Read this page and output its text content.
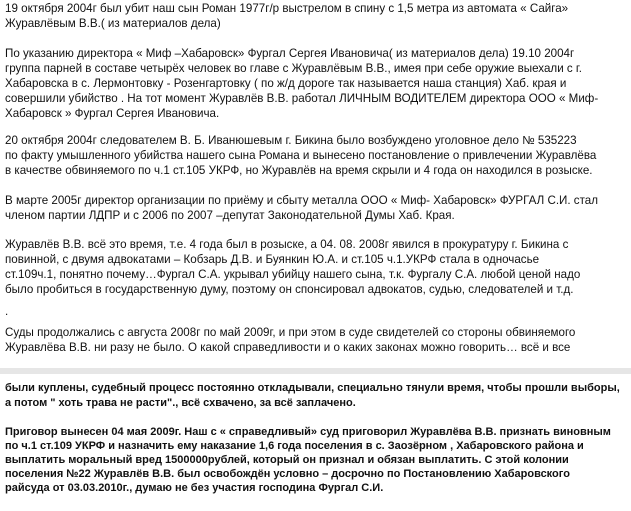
19 октября 2004г был убит наш сын Роман 1977г/р выстрелом в спину с 1,5 метра из автомата « Сайга»
Журавлёвым В.В.( из материалов дела)
По указанию директора « Миф –Хабаровск» Фургал Сергея Ивановича( из материалов дела) 19.10 2004г
группа парней в составе четырёх человек во главе с Журавлёвым В.В., имея при себе оружие выехали с г.
Хабаровска в с. Лермонтовку - Розенгартовку ( по ж/д дороге так называется наша станция) Хаб. края и
совершили убийство . На тот момент Журавлёв В.В. работал ЛИЧНЫМ ВОДИТЕЛЕМ директора ООО « Миф-
Хабаровск » Фургал Сергея Ивановича.
20 октября 2004г следователем В. Б. Иванюшевым г. Бикина было возбуждено уголовное дело № 535223
по факту умышленного убийства нашего сына Романа и вынесено постановление о привлечении Журавлёва
в качестве обвиняемого по ч.1 ст.105 УКРФ, но Журавлёв на время скрыли и 4 года он находился в розыске.
В марте 2005г директор организации по приёму и сбыту металла ООО « Миф- Хабаровск» ФУРГАЛ С.И. стал
членом партии ЛДПР и с 2006 по 2007 –депутат Законодательной Думы Хаб. Края.
Журавлёв В.В. всё это время, т.е. 4 года был в розыске, а 04. 08. 2008г явился в прокуратуру г. Бикина с
повинной, с двумя адвокатами – Кобзарь Д.В. и Буянкин Ю.А. и ст.105 ч.1.УКРФ стала в одночасье
ст.109ч.1, понятно почему…Фургал С.А. укрывал убийцу нашего сына, т.к. Фургалу С.А. любой ценой надо
было пробиться в государственную думу, поэтому он спонсировал адвокатов, судью, следователей и т.д.
.
Суды продолжались с августа 2008г по май 2009г, и при этом в суде свидетелей со стороны обвиняемого
Журавлёва В.В. ни разу не было. О какой справедливости и о каких законах можно говорить… всё и все
были куплены, судебный процесс постоянно откладывали, специально тянули время, чтобы прошли выборы,
а потом " хоть трава не расти"., всё схвачено, за всё заплачено.
Приговор вынесен 04 мая 2009г. Наш с « справедливый» суд приговорил Журавлёва В.В. признать виновным
по ч.1 ст.109 УКРФ и назначить ему наказание 1,6 года поселения в с. Заозёрном , Хабаровского района и
выплатить моральный вред 1500000рублей, который он признал и обязан выплатить. С этой колонии
поселения №22 Журавлёв В.В. был освобождён условно – досрочно по Постановлению Хабаровского
райсуда от 03.03.2010г., думаю не без участия господина Фургал С.И.
